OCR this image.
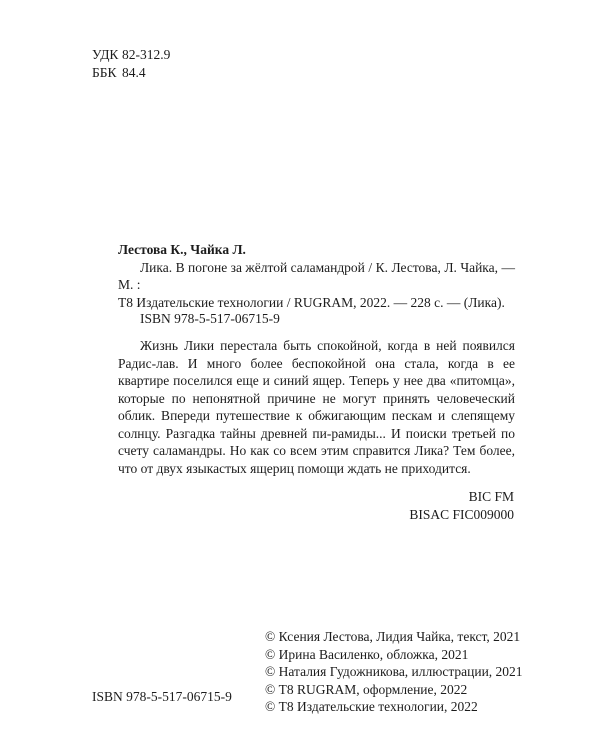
УДК 82-312.9
ББК 84.4
Лестова К., Чайка Л.
Лика. В погоне за жёлтой саламандрой / К. Лестова, Л. Чайка, — М. :
Т8 Издательские технологии / RUGRAM, 2022. — 228 с. — (Лика).
ISBN 978-5-517-06715-9
Жизнь Лики перестала быть спокойной, когда в ней появился Радис-лав. И много более беспокойной она стала, когда в ее квартире поселился еще и синий ящер. Теперь у нее два «питомца», которые по непонятной причине не могут принять человеческий облик. Впереди путешествие к обжигающим пескам и слепящему солнцу. Разгадка тайны древней пи-рамиды... И поиски третьей по счету саламандры. Но как со всем этим справится Лика? Тем более, что от двух языкастых ящериц помощи ждать не приходится.
BIC FM
BISAC FIC009000
© Ксения Лестова, Лидия Чайка, текст, 2021
© Ирина Василенко, обложка, 2021
© Наталия Гудожникова, иллюстрации, 2021
© Т8 RUGRAM, оформление, 2022
© Т8 Издательские технологии, 2022
ISBN 978-5-517-06715-9
